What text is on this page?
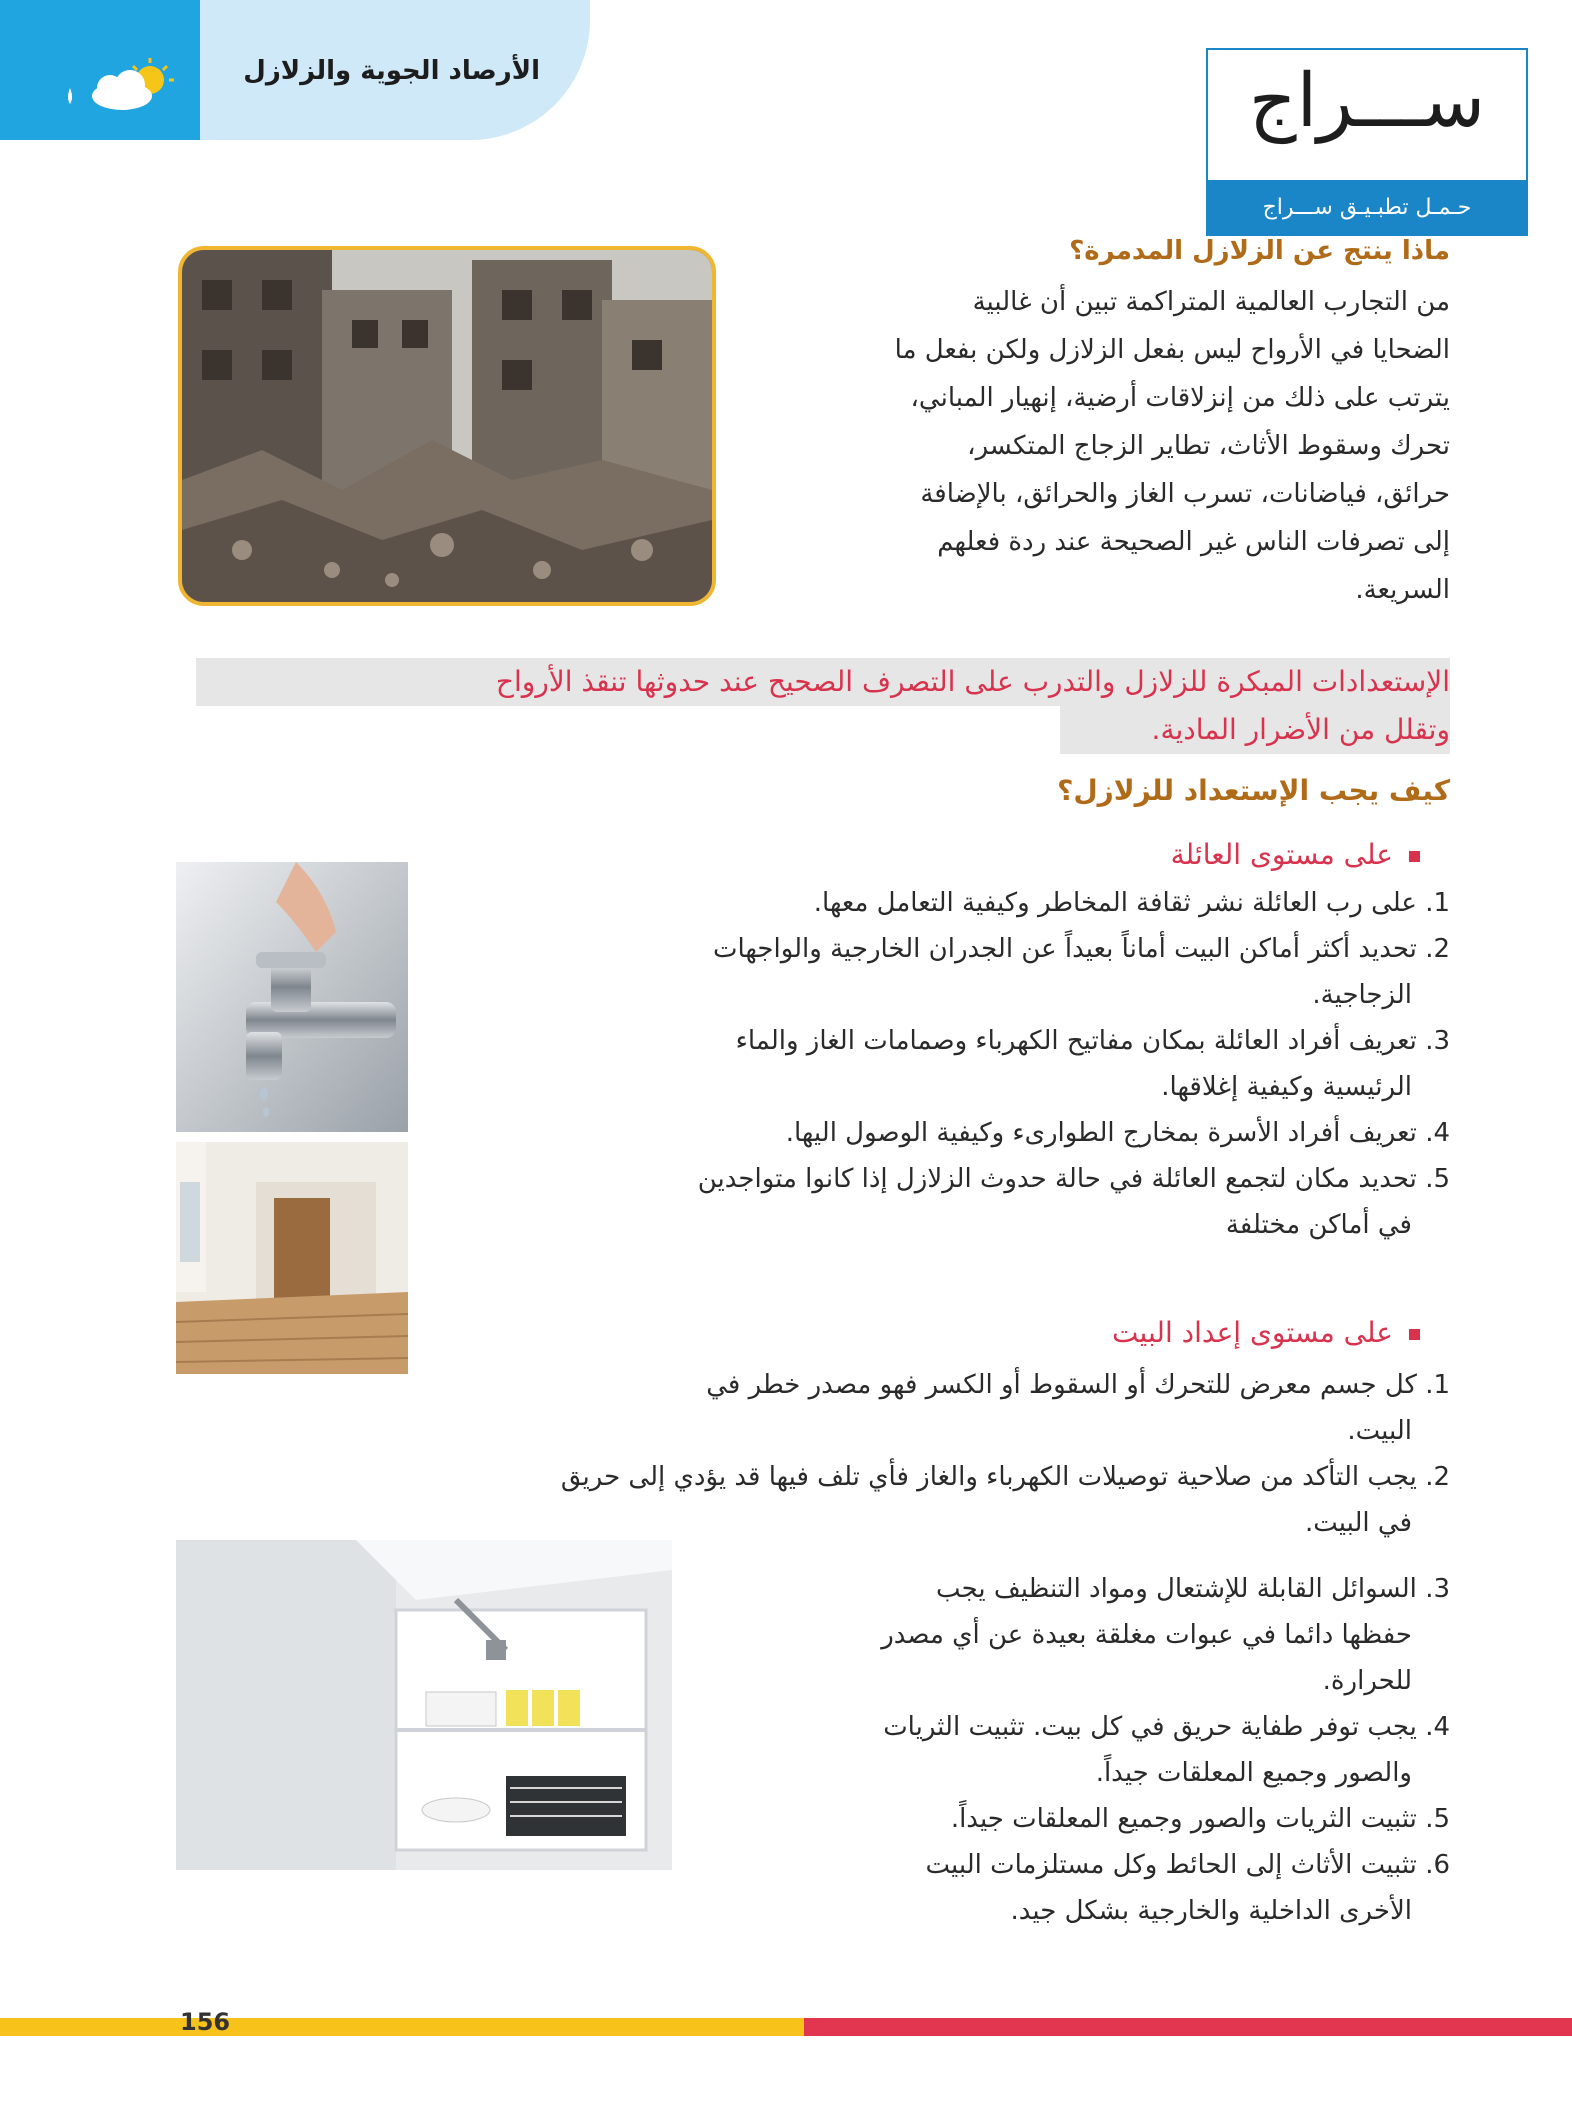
الأرصاد الجوية والزلازل	ســـراج
حـمـل تطبـيـق ســـراج
ماذا ينتج عن الزلازل المدمرة؟
من التجارب العالمية المتراكمة تبين أن غالبية
الضحايا في الأرواح ليس بفعل الزلازل ولكن بفعل ما
يترتب على ذلك من إنزلاقات أرضية، إنهيار المباني،
تحرك وسقوط الأثاث، تطاير الزجاج المتكسر،
حرائق، فياضانات، تسرب الغاز والحرائق، بالإضافة
إلى تصرفات الناس غير الصحيحة عند ردة فعلهم
السريعة.
الإستعدادات المبكرة للزلازل والتدرب على التصرف الصحيح عند حدوثها تنقذ الأرواح
وتقلل من الأضرار المادية.
كيف يجب الإستعداد للزلازل؟
على مستوى العائلة
1. على رب العائلة نشر ثقافة المخاطر وكيفية التعامل معها.
2. تحديد أكثر أماكن البيت أماناً بعيداً عن الجدران الخارجية والواجهات
الزجاجية.
3. تعريف أفراد العائلة بمكان مفاتيح الكهرباء وصمامات الغاز والماء
الرئيسية وكيفية إغلاقها.
4. تعريف أفراد الأسرة بمخارج الطوارىء وكيفية الوصول اليها.
5. تحديد مكان لتجمع العائلة في حالة حدوث الزلازل إذا كانوا متواجدين
في أماكن مختلفة
على مستوى إعداد البيت
1. كل جسم معرض للتحرك أو السقوط أو الكسر فهو مصدر خطر في
البيت.
2. يجب التأكد من صلاحية توصيلات الكهرباء والغاز فأي تلف فيها قد يؤدي إلى حريق
في البيت.
3. السوائل القابلة للإشتعال ومواد التنظيف يجب
حفظها دائما في عبوات مغلقة بعيدة عن أي مصدر
للحرارة.
4. يجب توفر طفاية حريق في كل بيت. تثبيت الثريات
والصور وجميع المعلقات جيداً.
5. تثبيت الثريات والصور وجميع المعلقات جيداً.
6. تثبيت الأثاث إلى الحائط وكل مستلزمات البيت
الأخرى الداخلية والخارجية بشكل جيد.
156
